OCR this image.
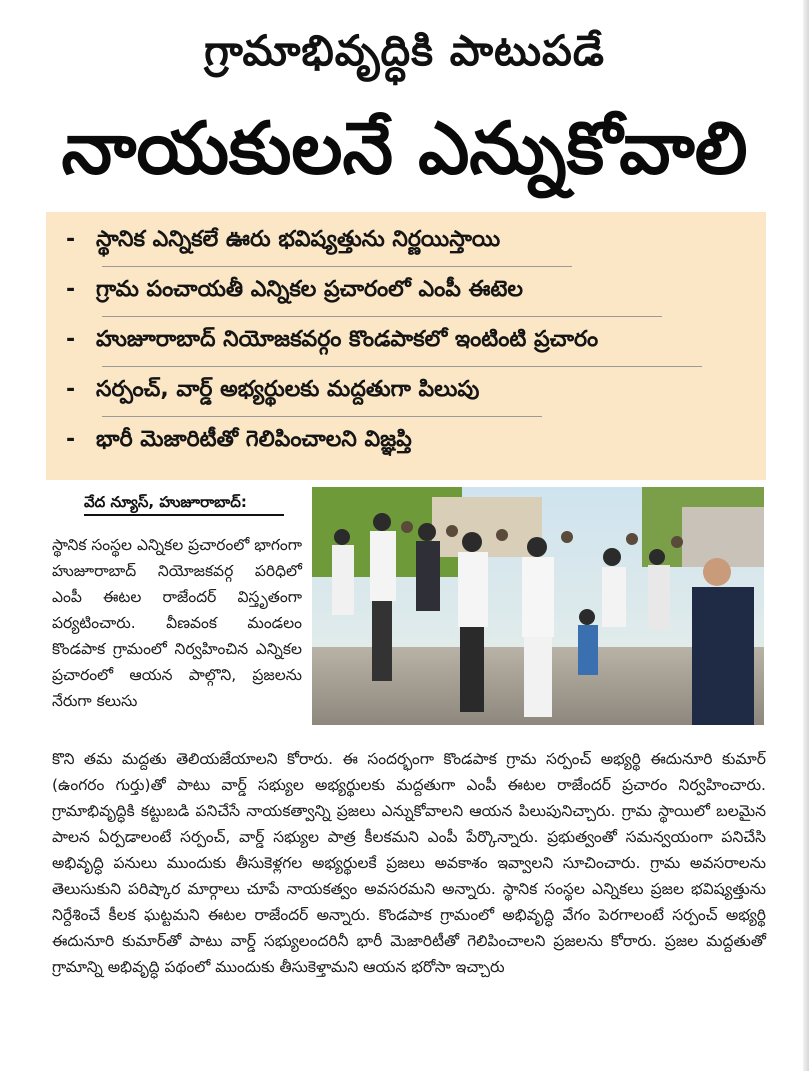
గ్రామాభివృద్ధికి పాటుపడే
నాయకులనే ఎన్నుకోవాలి
- స్థానిక ఎన్నికలే ఊరు భవిష్యత్తును నిర్ణయిస్తాయి
- గ్రామ పంచాయతీ ఎన్నికల ప్రచారంలో ఎంపీ ఈటెల
- హుజూరాబాద్ నియోజకవర్గం కొండపాకలో ఇంటింటి ప్రచారం
- సర్పంచ్, వార్డ్ అభ్యర్థులకు మద్దతుగా పిలుపు
- భారీ మెజారిటీతో గెలిపించాలని విజ్ఞప్తి
వేద న్యూస్, హుజూరాబాద్:
స్థానిక సంస్థల ఎన్నికల ప్రచారంలో భాగంగా హుజూరాబాద్ నియోజకవర్గ పరిధిలో ఎంపీ ఈటల రాజేందర్ విస్తృతంగా పర్యటించారు. వీణవంక మండలం కొండపాక గ్రామంలో నిర్వహించిన ఎన్నికల ప్రచారంలో ఆయన పాల్గొని, ప్రజలను నేరుగా కలుసు
కొని తమ మద్దతు తెలియజేయాలని కోరారు. ఈ సందర్భంగా కొండపాక గ్రామ సర్పంచ్ అభ్యర్థి ఈదునూరి కుమార్ (ఉంగరం గుర్తు)తో పాటు వార్డ్ సభ్యుల అభ్యర్థులకు మద్దతుగా ఎంపీ ఈటల రాజేందర్ ప్రచారం నిర్వహించారు. గ్రామాభివృద్ధికి కట్టుబడి పనిచేసే నాయకత్వాన్ని ప్రజలు ఎన్నుకోవాలని ఆయన పిలుపునిచ్చారు. గ్రామ స్థాయిలో బలమైన పాలన ఏర్పడాలంటే సర్పంచ్, వార్డ్ సభ్యుల పాత్ర కీలకమని ఎంపీ పేర్కొన్నారు. ప్రభుత్వంతో సమన్వయంగా పనిచేసి అభివృద్ధి పనులు ముందుకు తీసుకెళ్లగల అభ్యర్థులకే ప్రజలు అవకాశం ఇవ్వాలని సూచించారు. గ్రామ అవసరాలను తెలుసుకుని పరిష్కార మార్గాలు చూపే నాయకత్వం అవసరమని అన్నారు. స్థానిక సంస్థల ఎన్నికలు ప్రజల భవిష్యత్తును నిర్దేశించే కీలక ఘట్టమని ఈటల రాజేందర్ అన్నారు. కొండపాక గ్రామంలో అభివృద్ధి వేగం పెరగాలంటే సర్పంచ్ అభ్యర్థి ఈదునూరి కుమార్‌తో పాటు వార్డ్ సభ్యులందరినీ భారీ మెజారిటీతో గెలిపించాలని ప్రజలను కోరారు. ప్రజల మద్దతుతో గ్రామాన్ని అభివృద్ధి పథంలో ముందుకు తీసుకెళ్తామని ఆయన భరోసా ఇచ్చారు
